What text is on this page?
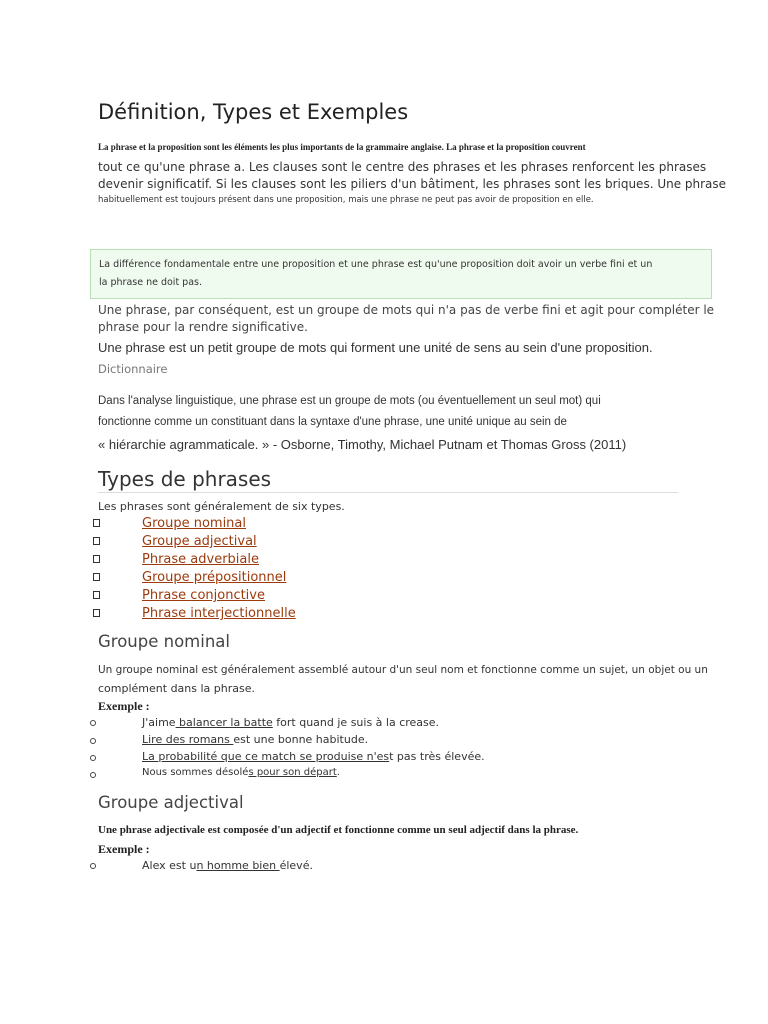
Définition, Types et Exemples
La phrase et la proposition sont les éléments les plus importants de la grammaire anglaise. La phrase et la proposition couvrent
tout ce qu'une phrase a. Les clauses sont le centre des phrases et les phrases renforcent les phrases
devenir significatif. Si les clauses sont les piliers d'un bâtiment, les phrases sont les briques. Une phrase
habituellement est toujours présent dans une proposition, mais une phrase ne peut pas avoir de proposition en elle.
La différence fondamentale entre une proposition et une phrase est qu'une proposition doit avoir un verbe fini et un
la phrase ne doit pas.
Une phrase, par conséquent, est un groupe de mots qui n'a pas de verbe fini et agit pour compléter le
phrase pour la rendre significative.
Une phrase est un petit groupe de mots qui forment une unité de sens au sein d'une proposition.
Dictionnaire
Dans l'analyse linguistique, une phrase est un groupe de mots (ou éventuellement un seul mot) qui
fonctionne comme un constituant dans la syntaxe d'une phrase, une unité unique au sein de
« hiérarchie agrammaticale. » - Osborne, Timothy, Michael Putnam et Thomas Gross (2011)
Types de phrases
Les phrases sont généralement de six types.
Groupe nominal
Groupe adjectival
Phrase adverbiale
Groupe prépositionnel
Phrase conjonctive
Phrase interjectionnelle
Groupe nominal
Un groupe nominal est généralement assemblé autour d'un seul nom et fonctionne comme un sujet, un objet ou un
complément dans la phrase.
Exemple :
J'aime balancer la batte fort quand je suis à la crease.
Lire des romans est une bonne habitude.
La probabilité que ce match se produise n'est pas très élevée.
Nous sommes désolés pour son départ.
Groupe adjectival
Une phrase adjectivale est composée d'un adjectif et fonctionne comme un seul adjectif dans la phrase.
Exemple :
Alex est un homme bien élevé.
